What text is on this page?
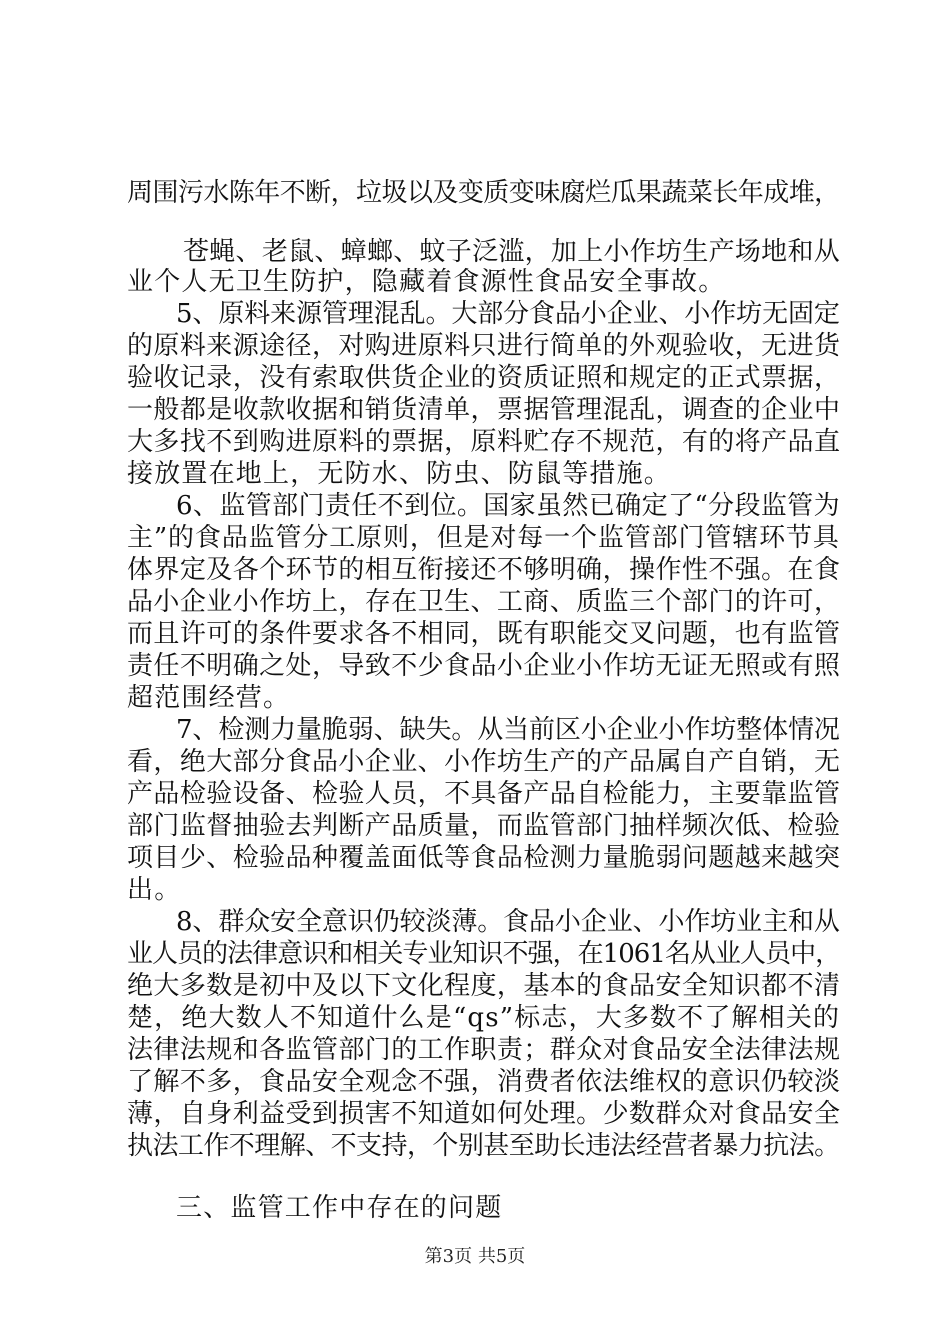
周围污水陈年不断，垃圾以及变质变味腐烂瓜果蔬菜长年成堆，
苍蝇、老鼠、蟑螂、蚊子泛滥，加上小作坊生产场地和从
业个人无卫生防护，隐藏着食源性食品安全事故。
5、原料来源管理混乱。大部分食品小企业、小作坊无固定
的原料来源途径，对购进原料只进行简单的外观验收，无进货
验收记录，没有索取供货企业的资质证照和规定的正式票据，
一般都是收款收据和销货清单，票据管理混乱，调查的企业中
大多找不到购进原料的票据，原料贮存不规范，有的将产品直
接放置在地上，无防水、防虫、防鼠等措施。
6、监管部门责任不到位。国家虽然已确定了“分段监管为
主”的食品监管分工原则，但是对每一个监管部门管辖环节具
体界定及各个环节的相互衔接还不够明确，操作性不强。在食
品小企业小作坊上，存在卫生、工商、质监三个部门的许可，
而且许可的条件要求各不相同，既有职能交叉问题，也有监管
责任不明确之处，导致不少食品小企业小作坊无证无照或有照
超范围经营。
7、检测力量脆弱、缺失。从当前区小企业小作坊整体情况
看，绝大部分食品小企业、小作坊生产的产品属自产自销，无
产品检验设备、检验人员，不具备产品自检能力，主要靠监管
部门监督抽验去判断产品质量，而监管部门抽样频次低、检验
项目少、检验品种覆盖面低等食品检测力量脆弱问题越来越突
出。
8、群众安全意识仍较淡薄。食品小企业、小作坊业主和从
业人员的法律意识和相关专业知识不强，在1061名从业人员中，
绝大多数是初中及以下文化程度，基本的食品安全知识都不清
楚，绝大数人不知道什么是“qs”标志，大多数不了解相关的
法律法规和各监管部门的工作职责；群众对食品安全法律法规
了解不多，食品安全观念不强，消费者依法维权的意识仍较淡
薄，自身利益受到损害不知道如何处理。少数群众对食品安全
执法工作不理解、不支持，个别甚至助长违法经营者暴力抗法。
三、监管工作中存在的问题
第3页 共5页
